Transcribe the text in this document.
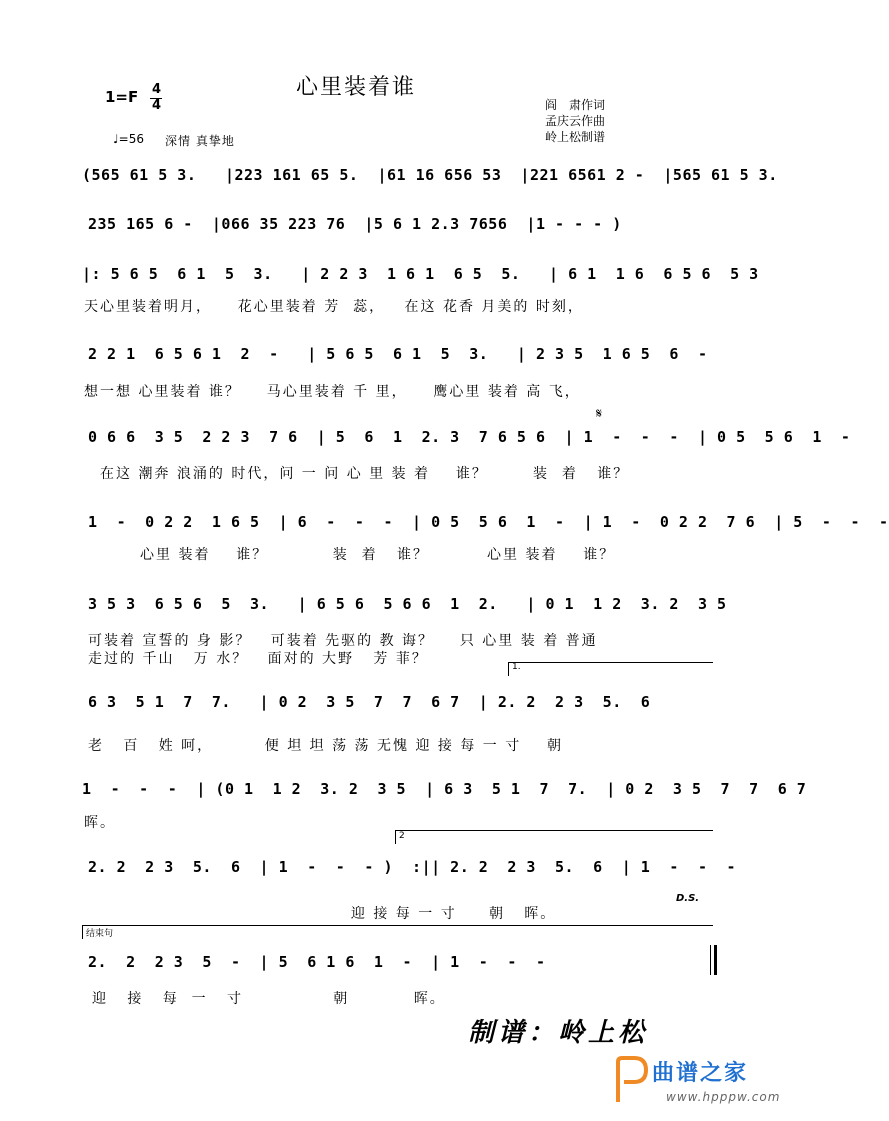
心里装着谁
1=F 4
4
♩=56 深情 真挚地
阎　肃作词
孟庆云作曲
岭上松制谱
(565 61 5 3.   |223 161 65 5.  |61 16 656 53  |221 6561 2 -  |565 61 5 3.
235 165 6 -  |066 35 223 76  |5 6 1 2.3 7656  |1 - - - )
|: 5 6 5  6 1  5  3.   | 2 2 3  1 6 1  6 5  5.   | 6 1  1 6  6 5 6  5 3
天心里装着明月，    花心里装着 芳  蕊，   在这 花香 月美的 时刻，
2 2 1  6 5 6 1  2  -   | 5 6 5  6 1  5  3.   | 2 3 5  1 6 5  6  -
想一想 心里装着 谁？    马心里装着 千 里，    鹰心里 装着 高 飞，
𝄋
0 6 6  3 5  2 2 3  7 6  | 5  6  1  2. 3  7 6 5 6  | 1  -  -  -  | 0 5  5 6  1  -
在这 潮奔 浪涌的 时代，问 一 问 心 里 装 着    谁？       装  着   谁？
1  -  0 2 2  1 6 5  | 6  -  -  -  | 0 5  5 6  1  -  | 1  -  0 2 2  7 6  | 5  -  -  -
心里 装着    谁？          装  着   谁？         心里 装着    谁？
3 5 3  6 5 6  5  3.   | 6 5 6  5 6 6  1  2.   | 0 1  1 2  3. 2  3 5
可装着 宣誓的 身 影？   可装着 先驱的 教 诲？    只 心里 装 着 普通
走过的 千山   万 水？   面对的 大野   芳 菲？	1.
6 3  5 1  7  7.   | 0 2  3 5  7  7  6 7  | 2. 2  2 3  5.  6
老   百   姓 呵，        便 坦 坦 荡 荡 无愧 迎 接 每 一 寸    朝
1  -  -  -  | (0 1  1 2  3. 2  3 5  | 6 3  5 1  7  7.  | 0 2  3 5  7  7  6 7
晖。
2
2. 2  2 3  5.  6  | 1  -  -  - )  :|| 2. 2  2 3  5.  6  | 1  -  -  -
迎 接 每 一 寸     朝   晖。
D.S.
结束句
2.  2  2 3  5  -  | 5  6 1 6  1  -  | 1  -  -  -
迎   接   每  一   寸              朝          晖。
制谱：岭上松
曲谱之家
www.hpppw.com
